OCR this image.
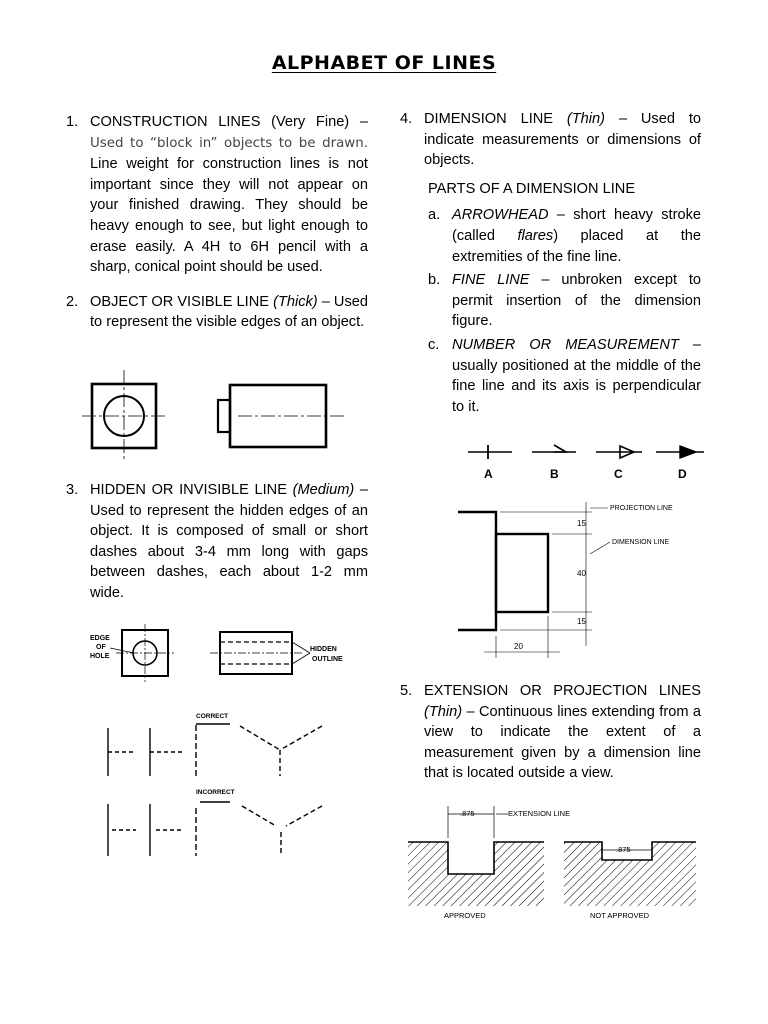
ALPHABET OF LINES
1. CONSTRUCTION LINES (Very Fine) – Used to “block in” objects to be drawn. Line weight for construction lines is not important since they will not appear on your finished drawing. They should be heavy enough to see, but light enough to erase easily. A 4H to 6H pencil with a sharp, conical point should be used.
2. OBJECT OR VISIBLE LINE (Thick) – Used to represent the visible edges of an object.
3. HIDDEN OR INVISIBLE LINE (Medium) – Used to represent the hidden edges of an object. It is composed of small or short dashes about 3-4 mm long with gaps between dashes, each about 1-2 mm wide.
EDGE
OF
HOLE
HIDDEN
OUTLINE
CORRECT
INCORRECT
4. DIMENSION LINE (Thin) – Used to indicate measurements or dimensions of objects.
PARTS OF A DIMENSION LINE
a. ARROWHEAD – short heavy stroke (called flares) placed at the extremities of the fine line.
b. FINE LINE – unbroken except to permit insertion of the dimension figure.
c. NUMBER OR MEASUREMENT – usually positioned at the middle of the fine line and its axis is perpendicular to it.
A	B	C	D
PROJECTION LINE
DIMENSION LINE
15
40
15
20
5. EXTENSION OR PROJECTION LINES (Thin) – Continuous lines extending from a view to indicate the extent of a measurement given by a dimension line that is located outside a view.
.875	EXTENSION LINE
.875
APPROVED	NOT APPROVED
